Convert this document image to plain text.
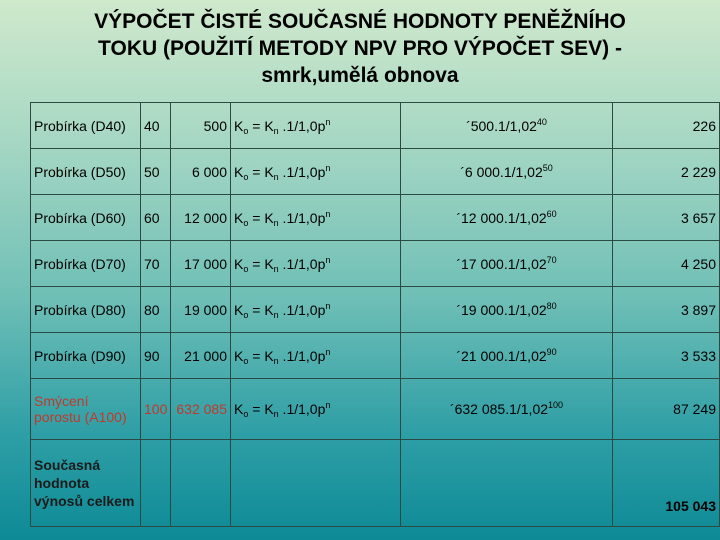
VÝPOČET ČISTÉ SOUČASNÉ HODNOTY PENĚŽNÍHO
TOKU (POUŽITÍ METODY NPV PRO VÝPOČET SEV) -
smrk,umělá obnova
Probírka (D40)	40	500	$K_o = K_n$ $.1/1,0p^n$	´500.1/1,02$^{40}$	226
Probírka (D50)	50	6 000	$K_o = K_n$ $.1/1,0p^n$	´6 000.1/1,02$^{50}$	2 229
Probírka (D60)	60	12 000	$K_o = K_n$ $.1/1,0p^n$	´12 000.1/1,02$^{60}$	3 657
Probírka (D70)	70	17 000	$K_o = K_n$ $.1/1,0p^n$	´17 000.1/1,02$^{70}$	4 250
Probírka (D80)	80	19 000	$K_o = K_n$ $.1/1,0p^n$	´19 000.1/1,02$^{80}$	3 897
Probírka (D90)	90	21 000	$K_o = K_n$ $.1/1,0p^n$	´21 000.1/1,02$^{90}$	3 533
Smýcení porostu (A100)	100	632 085	$K_o = K_n$ $.1/1,0p^n$	´632 085.1/1,02$^{100}$	87 249
Současná hodnota výnosů celkem					105 043
